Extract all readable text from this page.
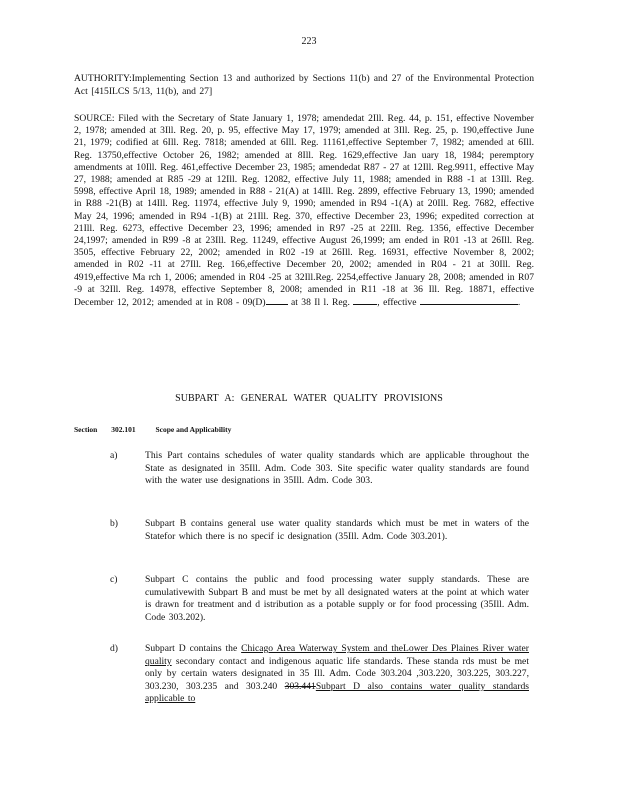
223
AUTHORITY:Implementing Section 13 and authorized by Sections 11(b) and 27 of the Environmental Protection Act [415ILCS 5/13, 11(b), and 27]
SOURCE: Filed with the Secretary of State January 1, 1978; amendedat 2Ill. Reg. 44, p. 151, effective November 2, 1978; amended at 3Ill. Reg. 20, p. 95, effective May 17, 1979; amended at 3Ill. Reg. 25, p. 190,effective June 21, 1979; codified at 6Ill. Reg. 7818; amended at 6Ill. Reg. 11161,effective September 7, 1982; amended at 6Ill. Reg. 13750,effective October 26, 1982; amended at 8Ill. Reg. 1629,effective Jan uary 18, 1984; peremptory amendments at 10Ill. Reg. 461,effective December 23, 1985; amendedat R87 - 27 at 12Ill. Reg.9911, effective May 27, 1988; amended at R85 -29 at 12Ill. Reg. 12082, effective July 11, 1988; amended in R88 -1 at 13Ill. Reg. 5998, effective April 18, 1989; amended in R88 - 21(A) at 14Ill. Reg. 2899, effective February 13, 1990; amended in R88 -21(B) at 14Ill. Reg. 11974, effective July 9, 1990; amended in R94 -1(A) at 20Ill. Reg. 7682, effective May 24, 1996; amended in R94 -1(B) at 21Ill. Reg. 370, effective December 23, 1996; expedited correction at 21Ill. Reg. 6273, effective December 23, 1996; amended in R97 -25 at 22Ill. Reg. 1356, effective December 24,1997; amended in R99 -8 at 23Ill. Reg. 11249, effective August 26,1999; am ended in R01 -13 at 26Ill. Reg. 3505, effective February 22, 2002; amended in R02 -19 at 26Ill. Reg. 16931, effective November 8, 2002; amended in R02 -11 at 27Ill. Reg. 166,effective December 20, 2002; amended in R04 - 21 at 30Ill. Reg. 4919,effective Ma rch 1, 2006; amended in R04 -25 at 32Ill.Reg. 2254,effective January 28, 2008; amended in R07 -9 at 32Ill. Reg. 14978, effective September 8, 2008; amended in R11 -18 at 36 Ill. Reg. 18871, effective December 12, 2012; amended at in R08 - 09(D)	at 38 Il l. Reg.	, effective	.
SUBPART A: GENERAL WATER QUALITY PROVISIONS
Section 302.101	Scope and Applicability
a)	This Part contains schedules of water quality standards which are applicable throughout the State as designated in 35Ill. Adm. Code 303. Site specific water quality standards are found with the water use designations in 35Ill. Adm. Code 303.
b)	Subpart B contains general use water quality standards which must be met in waters of the Statefor which there is no specif ic designation (35Ill. Adm. Code 303.201).
c)	Subpart C contains the public and food processing water supply standards. These are cumulativewith Subpart B and must be met by all designated waters at the point at which water is drawn for treatment and d istribution as a potable supply or for food processing (35Ill. Adm. Code 303.202).
d)	Subpart D contains the Chicago Area Waterway System and theLower Des Plaines River water quality secondary contact and indigenous aquatic life standards. These standa rds must be met only by certain waters designated in 35 Ill. Adm. Code 303.204 ,303.220, 303.225, 303.227, 303.230, 303.235 and 303.240 303.441Subpart D also contains water quality standards applicable to
